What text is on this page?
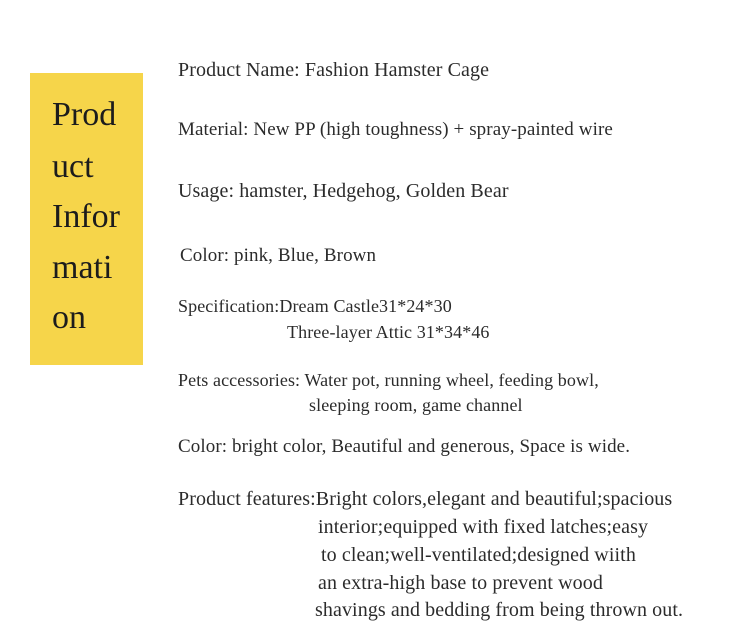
Prod
uct
Infor
mati
on
Product Name: Fashion Hamster Cage
Material: New PP (high toughness) + spray-painted wire
Usage: hamster, Hedgehog, Golden Bear
Color: pink, Blue, Brown
Specification:Dream Castle31*24*30
Three-layer Attic 31*34*46
Pets accessories: Water pot, running wheel, feeding bowl,
sleeping room, game channel
Color: bright color, Beautiful and generous, Space is wide.
Product features:Bright colors,elegant and beautiful;spacious
interior;equipped with fixed latches;easy
to clean;well-ventilated;designed wiith
an extra-high base to prevent wood
shavings and bedding from being thrown out.
